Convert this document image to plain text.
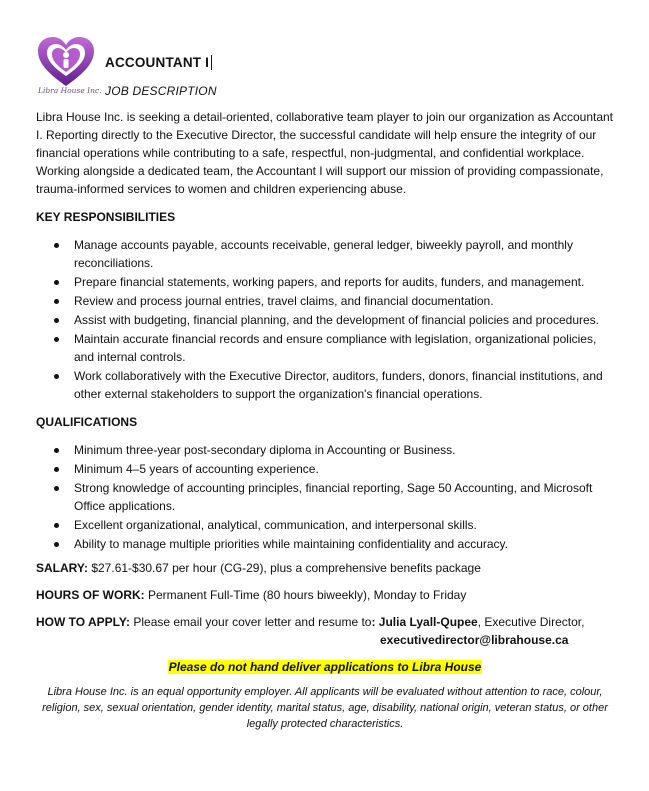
Libra House Inc.
ACCOUNTANT I
JOB DESCRIPTION

Libra House Inc. is seeking a detail-oriented, collaborative team player to join our organization as Accountant I. Reporting directly to the Executive Director, the successful candidate will help ensure the integrity of our financial operations while contributing to a safe, respectful, non-judgmental, and confidential workplace. Working alongside a dedicated team, the Accountant I will support our mission of providing compassionate, trauma-informed services to women and children experiencing abuse.

KEY RESPONSIBILITIES
Manage accounts payable, accounts receivable, general ledger, biweekly payroll, and monthly reconciliations.
Prepare financial statements, working papers, and reports for audits, funders, and management.
Review and process journal entries, travel claims, and financial documentation.
Assist with budgeting, financial planning, and the development of financial policies and procedures.
Maintain accurate financial records and ensure compliance with legislation, organizational policies, and internal controls.
Work collaboratively with the Executive Director, auditors, funders, donors, financial institutions, and other external stakeholders to support the organization's financial operations.
QUALIFICATIONS
Minimum three-year post-secondary diploma in Accounting or Business.
Minimum 4–5 years of accounting experience.
Strong knowledge of accounting principles, financial reporting, Sage 50 Accounting, and Microsoft Office applications.
Excellent organizational, analytical, communication, and interpersonal skills.
Ability to manage multiple priorities while maintaining confidentiality and accuracy.
SALARY: $27.61-$30.67 per hour (CG-29), plus a comprehensive benefits package
HOURS OF WORK: Permanent Full-Time (80 hours biweekly), Monday to Friday
HOW TO APPLY: Please email your cover letter and resume to: Julia Lyall-Qupee, Executive Director,
executivedirector@librahouse.ca
Please do not hand deliver applications to Libra House
Libra House Inc. is an equal opportunity employer. All applicants will be evaluated without attention to race, colour, religion, sex, sexual orientation, gender identity, marital status, age, disability, national origin, veteran status, or other legally protected characteristics.
